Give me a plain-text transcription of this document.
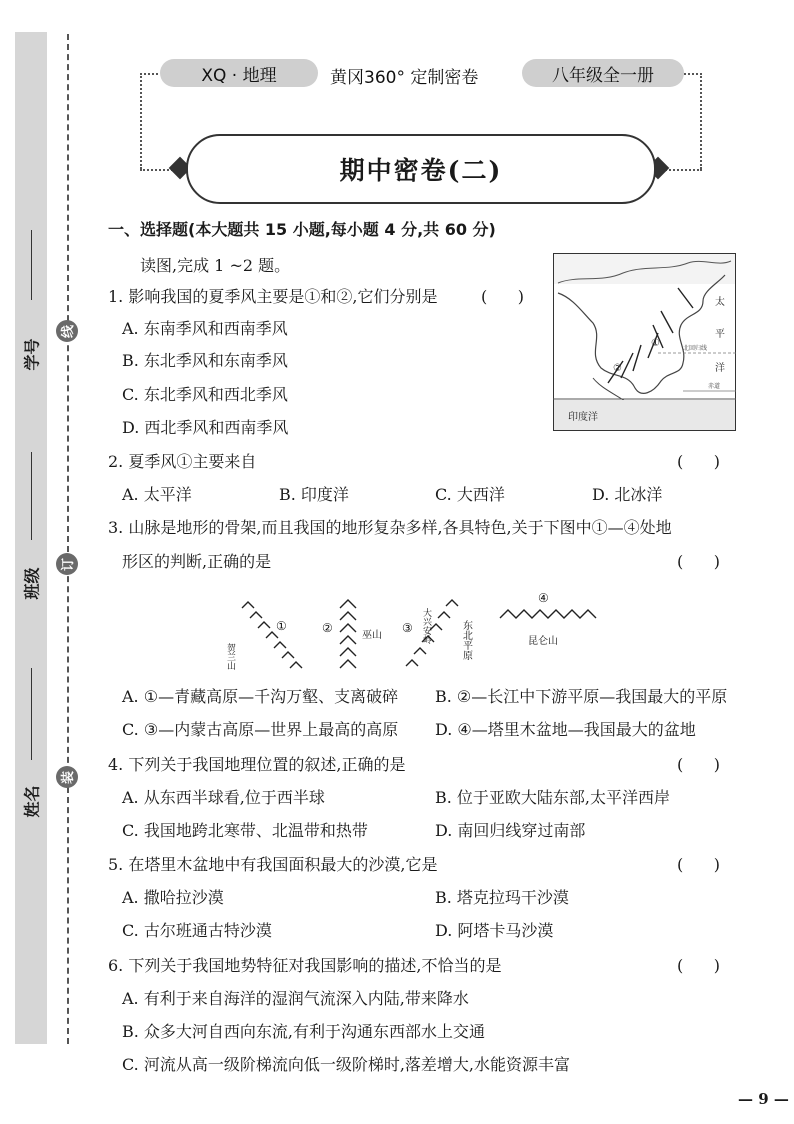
学号
班级
姓名
线
订
装
XQ · 地理	黄冈360° 定制密卷	八年级全一册
期中密卷(二)
一、选择题(本大题共 15 小题,每小题 4 分,共 60 分)
读图,完成 1 ~2 题。
太
平
洋
北回归线
赤道
印度洋
①
②
1. 影响我国的夏季风主要是①和②,它们分别是	(      )
A. 东南季风和西南季风
B. 东北季风和东南季风
C. 东北季风和西北季风
D. 西北季风和西南季风
2. 夏季风①主要来自	(      )
A. 太平洋	B. 印度洋	C. 大西洋	D. 北冰洋
3. 山脉是地形的骨架,而且我国的地形复杂多样,各具特色,关于下图中①—④处地
形区的判断,正确的是	(      )
①	②	③
④
巫山	东北平原	昆仑山
贺兰山
大兴安岭
A. ①—青藏高原—千沟万壑、支离破碎 B. ②—长江中下游平原—我国最大的平原
C. ③—内蒙古高原—世界上最高的高原 D. ④—塔里木盆地—我国最大的盆地
4. 下列关于我国地理位置的叙述,正确的是	(      )
A. 从东西半球看,位于西半球	B. 位于亚欧大陆东部,太平洋西岸
C. 我国地跨北寒带、北温带和热带	D. 南回归线穿过南部
5. 在塔里木盆地中有我国面积最大的沙漠,它是	(      )
A. 撒哈拉沙漠	B. 塔克拉玛干沙漠
C. 古尔班通古特沙漠	D. 阿塔卡马沙漠
6. 下列关于我国地势特征对我国影响的描述,不恰当的是	(      )
A. 有利于来自海洋的湿润气流深入内陆,带来降水
B. 众多大河自西向东流,有利于沟通东西部水上交通
C. 河流从高一级阶梯流向低一级阶梯时,落差增大,水能资源丰富
— 9 —
